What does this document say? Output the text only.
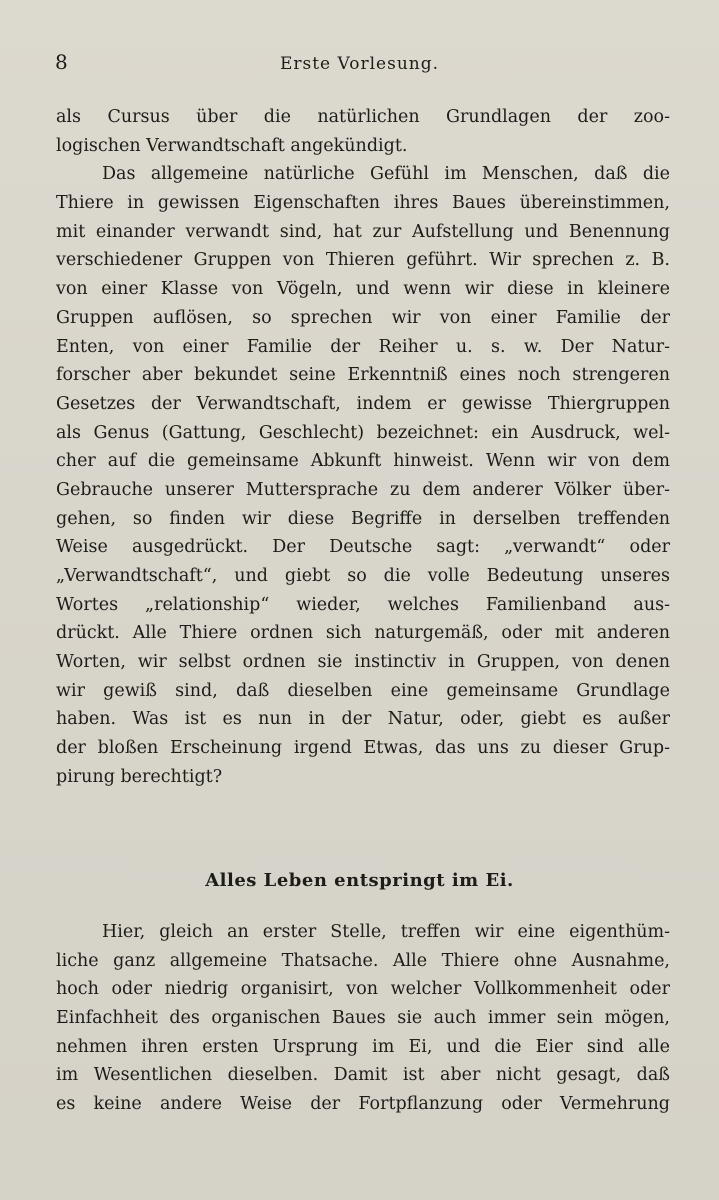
8	Erste Vorlesung.
als Cursus über die natürlichen Grundlagen der zoo-
logischen Verwandtschaft angekündigt.
Das allgemeine natürliche Gefühl im Menschen, daß die
Thiere in gewissen Eigenschaften ihres Baues übereinstimmen,
mit einander verwandt sind, hat zur Aufstellung und Benennung
verschiedener Gruppen von Thieren geführt. Wir sprechen z. B.
von einer Klasse von Vögeln, und wenn wir diese in kleinere
Gruppen auflösen, so sprechen wir von einer Familie der
Enten, von einer Familie der Reiher u. s. w. Der Natur-
forscher aber bekundet seine Erkenntniß eines noch strengeren
Gesetzes der Verwandtschaft, indem er gewisse Thiergruppen
als Genus (Gattung, Geschlecht) bezeichnet: ein Ausdruck, wel-
cher auf die gemeinsame Abkunft hinweist. Wenn wir von dem
Gebrauche unserer Muttersprache zu dem anderer Völker über-
gehen, so finden wir diese Begriffe in derselben treffenden
Weise ausgedrückt. Der Deutsche sagt: „verwandt“ oder
„Verwandtschaft“, und giebt so die volle Bedeutung unseres
Wortes „relationship“ wieder, welches Familienband aus-
drückt. Alle Thiere ordnen sich naturgemäß, oder mit anderen
Worten, wir selbst ordnen sie instinctiv in Gruppen, von denen
wir gewiß sind, daß dieselben eine gemeinsame Grundlage
haben. Was ist es nun in der Natur, oder, giebt es außer
der bloßen Erscheinung irgend Etwas, das uns zu dieser Grup-
pirung berechtigt?
Alles Leben entspringt im Ei.
Hier, gleich an erster Stelle, treffen wir eine eigenthüm-
liche ganz allgemeine Thatsache. Alle Thiere ohne Ausnahme,
hoch oder niedrig organisirt, von welcher Vollkommenheit oder
Einfachheit des organischen Baues sie auch immer sein mögen,
nehmen ihren ersten Ursprung im Ei, und die Eier sind alle
im Wesentlichen dieselben. Damit ist aber nicht gesagt, daß
es keine andere Weise der Fortpflanzung oder Vermehrung
